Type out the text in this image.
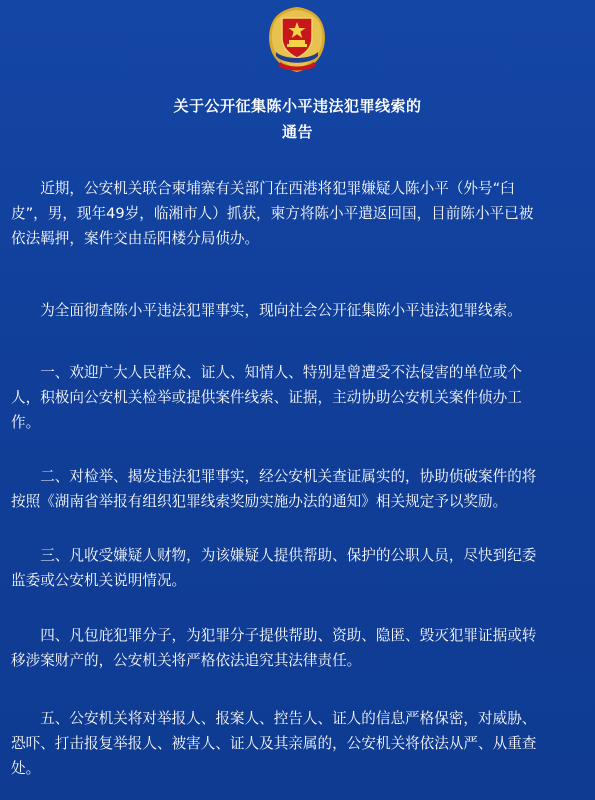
关于公开征集陈小平违法犯罪线索的
通告
　　近期，公安机关联合柬埔寨有关部门在西港将犯罪嫌疑人陈小平（外号“臼
皮”，男，现年49岁，临湘市人）抓获，柬方将陈小平遣返回国，目前陈小平已被
依法羁押，案件交由岳阳楼分局侦办。
　　为全面彻查陈小平违法犯罪事实，现向社会公开征集陈小平违法犯罪线索。
　　一、欢迎广大人民群众、证人、知情人、特别是曾遭受不法侵害的单位或个
人，积极向公安机关检举或提供案件线索、证据，主动协助公安机关案件侦办工
作。
　　二、对检举、揭发违法犯罪事实，经公安机关查证属实的，协助侦破案件的将
按照《湖南省举报有组织犯罪线索奖励实施办法的通知》相关规定予以奖励。
　　三、凡收受嫌疑人财物，为该嫌疑人提供帮助、保护的公职人员，尽快到纪委
监委或公安机关说明情况。
　　四、凡包庇犯罪分子，为犯罪分子提供帮助、资助、隐匿、毁灭犯罪证据或转
移涉案财产的，公安机关将严格依法追究其法律责任。
　　五、公安机关将对举报人、报案人、控告人、证人的信息严格保密，对威胁、
恐吓、打击报复举报人、被害人、证人及其亲属的，公安机关将依法从严、从重查
处。
